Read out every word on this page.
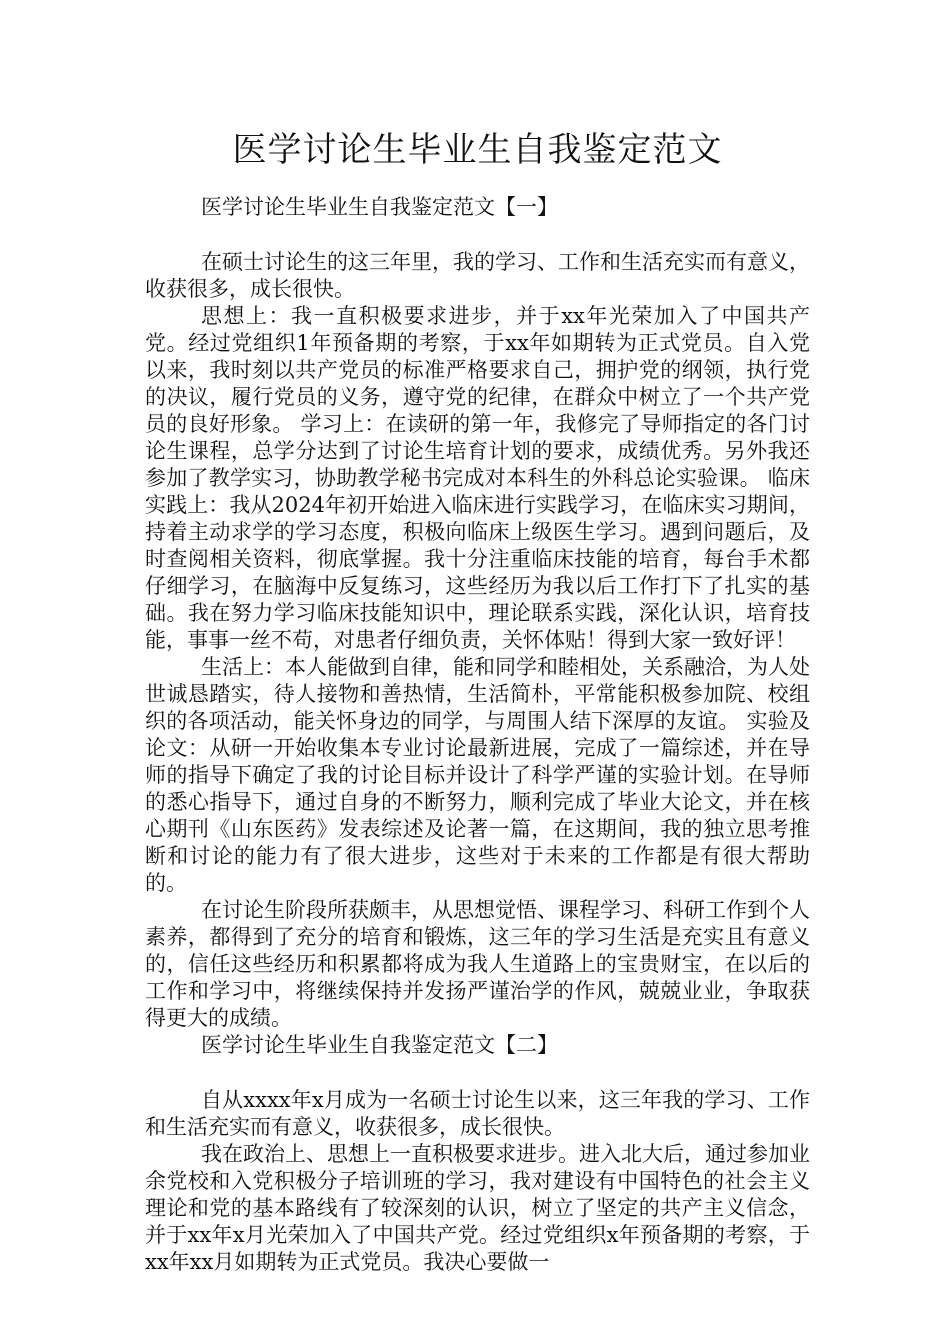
医学讨论生毕业生自我鉴定范文

医学讨论生毕业生自我鉴定范文【一】

在硕士讨论生的这三年里，我的学习、工作和生活充实而有意义，收获很多，成长很快。

思想上：我一直积极要求进步，并于xx年光荣加入了中国共产党。经过党组织1年预备期的考察，于xx年如期转为正式党员。自入党以来，我时刻以共产党员的标准严格要求自己，拥护党的纲领，执行党的决议，履行党员的义务，遵守党的纪律，在群众中树立了一个共产党员的良好形象。 学习上：在读研的第一年，我修完了导师指定的各门讨论生课程，总学分达到了讨论生培育计划的要求，成绩优秀。另外我还参加了教学实习，协助教学秘书完成对本科生的外科总论实验课。 临床实践上：我从2024年初开始进入临床进行实践学习，在临床实习期间，持着主动求学的学习态度，积极向临床上级医生学习。遇到问题后，及时查阅相关资料，彻底掌握。我十分注重临床技能的培育，每台手术都仔细学习，在脑海中反复练习，这些经历为我以后工作打下了扎实的基础。我在努力学习临床技能知识中，理论联系实践，深化认识，培育技能，事事一丝不苟，对患者仔细负责，关怀体贴！得到大家一致好评！

生活上：本人能做到自律，能和同学和睦相处，关系融洽，为人处世诚恳踏实，待人接物和善热情，生活简朴，平常能积极参加院、校组织的各项活动，能关怀身边的同学，与周围人结下深厚的友谊。 实验及论文：从研一开始收集本专业讨论最新进展，完成了一篇综述，并在导师的指导下确定了我的讨论目标并设计了科学严谨的实验计划。在导师的悉心指导下，通过自身的不断努力，顺利完成了毕业大论文，并在核心期刊《山东医药》发表综述及论著一篇，在这期间，我的独立思考推断和讨论的能力有了很大进步，这些对于未来的工作都是有很大帮助的。

在讨论生阶段所获颇丰，从思想觉悟、课程学习、科研工作到个人素养，都得到了充分的培育和锻炼，这三年的学习生活是充实且有意义的，信任这些经历和积累都将成为我人生道路上的宝贵财宝，在以后的工作和学习中，将继续保持并发扬严谨治学的作风，兢兢业业，争取获得更大的成绩。

医学讨论生毕业生自我鉴定范文【二】

自从xxxx年x月成为一名硕士讨论生以来，这三年我的学习、工作和生活充实而有意义，收获很多，成长很快。

我在政治上、思想上一直积极要求进步。进入北大后，通过参加业余党校和入党积极分子培训班的学习，我对建设有中国特色的社会主义理论和党的基本路线有了较深刻的认识，树立了坚定的共产主义信念，并于xx年x月光荣加入了中国共产党。经过党组织x年预备期的考察，于xx年xx月如期转为正式党员。我决心要做一
